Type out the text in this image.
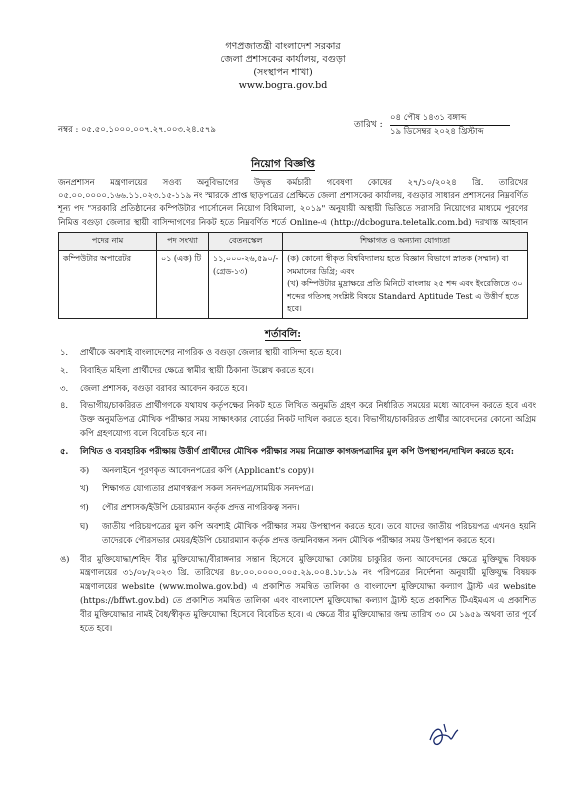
গণপ্রজাতন্ত্রী বাংলাদেশ সরকার
জেলা প্রশাসকের কার্যালয়, বগুড়া
(সংস্থাপন শাখা)
www.bogra.gov.bd
নম্বর : ০৫.৫০.১০০০.০০৭.২৭.০০৩.২৪.৫৭৯	তারিখ :
০৪ পৌষ ১৪৩১ বঙ্গাব্দ
১৯ ডিসেম্বর ২০২৪ খ্রিস্টাব্দ
নিয়োগ বিজ্ঞপ্তি
জনপ্রশাসন মন্ত্রণালয়ের সওব্য অনুবিভাগের উদ্বৃত্ত কর্মচারী গবেষণা কোষের ২৭/১০/২০২৪ খ্রি. তারিখের ০৫.০০.০০০০.১৬৬.১১.০২৩.১৫-১১৯ নং স্মারকে প্রাপ্ত ছাড়পত্রের প্রেক্ষিতে জেলা প্রশাসকের কার্যালয়, বগুড়ার সাধারন প্রশাসনের নিম্নবর্ণিত শূন্য পদ "সরকারি প্রতিষ্ঠানের কম্পিউটার পার্সোনেল নিয়োগ বিধিমালা, ২০১৯" অনুযায়ী অস্থায়ী ভিত্তিতে সরাসরি নিয়োগের মাধ্যমে পূরণের নিমিত্ত বগুড়া জেলার স্থায়ী বাসিন্দাগণের নিকট হতে নিম্নবর্ণিত শর্তে Online-এ (http://dcbogura.teletalk.com.bd) দরখাস্ত আহবান
পদের নাম	পদ সংখ্যা	বেতনস্কেল	শিক্ষাগত ও অন্যান্য যোগ্যতা
কম্পিউটার অপারেটর	০১ (এক) টি	১১,০০০-২৬,৫৯০/- (গ্রেড-১৩)	(ক) কোনো স্বীকৃত বিশ্ববিদ্যালয় হতে বিজ্ঞান বিভাগে স্নাতক (সম্মান) বা সমমানের ডিগ্রি; এবং
(খ) কম্পিউটার মুদ্রাক্ষরে প্রতি মিনিটে বাংলায় ২৫ শব্দ এবং ইংরেজিতে ৩০ শব্দের গতিসহ সংশ্লিষ্ট বিষয়ে Standard Aptitude Test এ উত্তীর্ণ হতে হবে।
শর্তাবলি:
১. প্রার্থীকে অবশ্যই বাংলাদেশের নাগরিক ও বগুড়া জেলার স্থায়ী বাসিন্দা হতে হবে।
২. বিবাহিত মহিলা প্রার্থীদের ক্ষেত্রে স্বামীর স্থায়ী ঠিকানা উল্লেখ করতে হবে।
৩. জেলা প্রশাসক, বগুড়া বরাবর আবেদন করতে হবে।
৪. বিভাগীয়/চাকরিরত প্রার্থীগণকে যথাযথ কর্তৃপক্ষের নিকট হতে লিখিত অনুমতি গ্রহণ করে নির্ধারিত সময়ের মধ্যে আবেদন করতে হবে এবং উক্ত অনুমতিপত্র মৌখিক পরীক্ষার সময় সাক্ষাৎকার বোর্ডের নিকট দাখিল করতে হবে। বিভাগীয়/চাকরিরত প্রার্থীর আবেদনের কোনো অগ্রিম কপি গ্রহণযোগ্য বলে বিবেচিত হবে না।
৫. লিখিত ও ব্যবহারিক পরীক্ষায় উত্তীর্ণ প্রার্থীদের মৌখিক পরীক্ষার সময় নিম্নোক্ত কাগজপত্রাদির মুল কপি উপস্থাপন/দাখিল করতে হবে:
ক) অনলাইনে পূরণকৃত আবেদনপত্রের কপি (Applicant's copy)।
খ) শিক্ষাগত যোগ্যতার প্রমাণস্বরূপ সকল সনদপত্র/সাময়িক সনদপত্র।
গ) পৌর প্রশাসক/ইউপি চেয়ারম্যান কর্তৃক প্রদত্ত নাগরিকত্ব সনদ।
ঘ) জাতীয় পরিচয়পত্রের মুল কপি অবশ্যই মৌখিক পরীক্ষার সময় উপস্থাপন করতে হবে। তবে যাদের জাতীয় পরিচয়পত্র এখনও হয়নি তাদেরকে পৌরসভার মেয়র/ইউপি চেয়ারম্যান কর্তৃক প্রদত্ত জন্মনিবন্ধন সনদ মৌখিক পরীক্ষার সময় উপস্থাপন করতে হবে।
ঙ) বীর মুক্তিযোদ্ধা/শহিদ বীর মুক্তিযোদ্ধা/বীরাঙ্গনার সন্তান হিসেবে মুক্তিযোদ্ধা কোটায় চাকুরির জন্য আবেদনের ক্ষেত্রে মুক্তিযুদ্ধ বিষয়ক মন্ত্রণালয়ের ৩১/০৮/২০২৩ খ্রি. তারিখের ৪৮.০০.০০০০.০০৫.২৯.০০৪.১৮.১৯ নং পরিপত্রের নির্দেশনা অনুযায়ী মুক্তিযুদ্ধ বিষয়ক মন্ত্রণালয়ের website (www.molwa.gov.bd) এ প্রকাশিত সমন্বিত তালিকা ও বাংলাদেশ মুক্তিযোদ্ধা কল্যাণ ট্রাস্ট এর website (https://bffwt.gov.bd) তে প্রকাশিত সমন্বিত তালিকা এবং বাংলাদেশ মুক্তিযোদ্ধা কল্যাণ ট্রাস্ট হতে প্রকাশিত টিএইমএস এ প্রকাশিত বীর মুক্তিযোদ্ধার নামই বৈধ/স্বীকৃত মুক্তিযোদ্ধা হিসেবে বিবেচিত হবে। এ ক্ষেত্রে বীর মুক্তিযোদ্ধার জন্ম তারিখ ৩০ মে ১৯৫৯ অথবা তার পূর্বে হতে হবে।
